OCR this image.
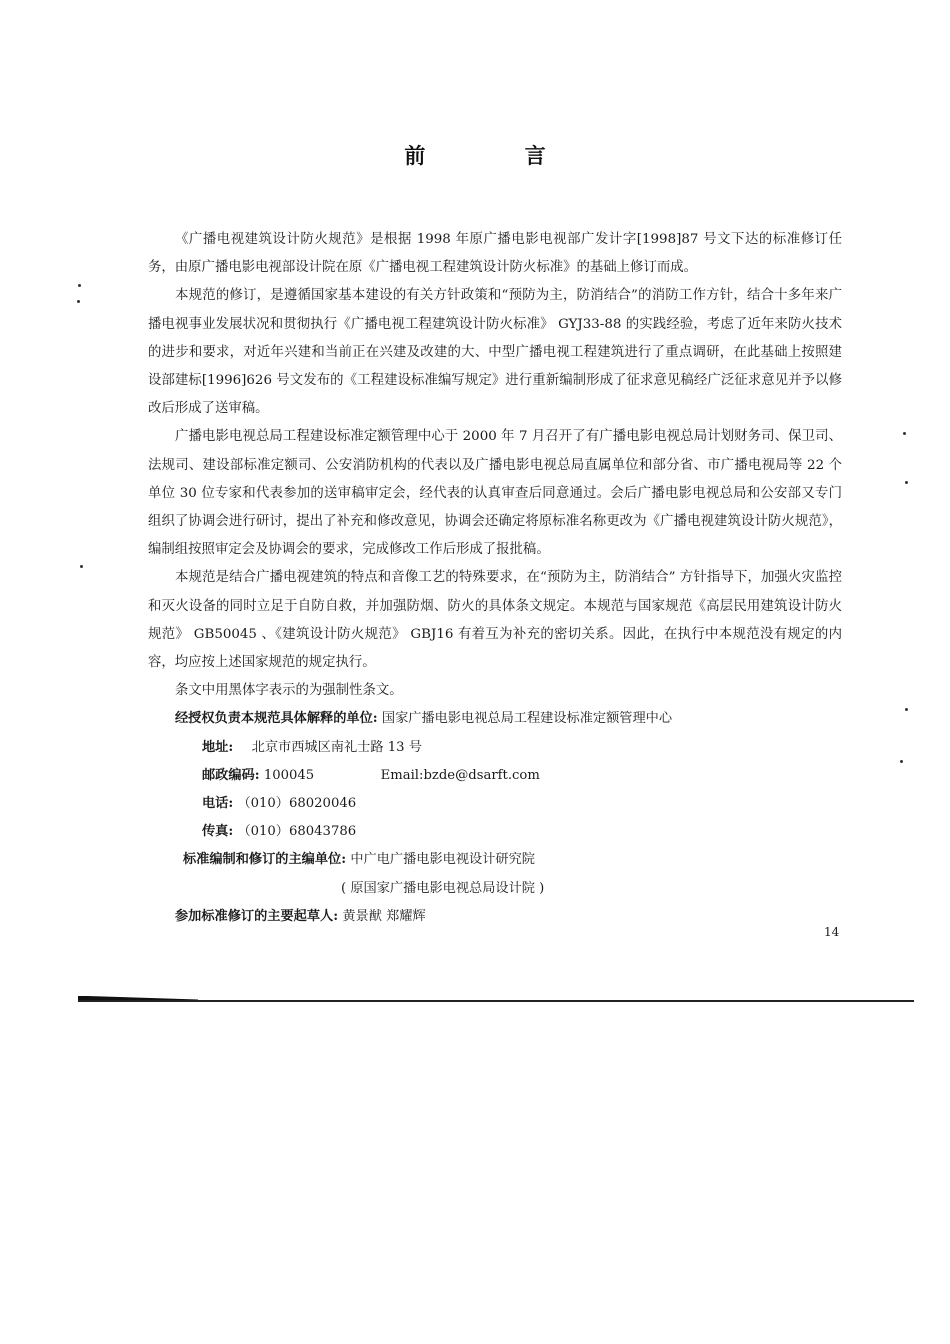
前 言

《广播电视建筑设计防火规范》是根据 1998 年原广播电影电视部广发计字[1998]87 号文下达的标准修订任务，由原广播电影电视部设计院在原《广播电视工程建筑设计防火标准》的基础上修订而成。

本规范的修订，是遵循国家基本建设的有关方针政策和“预防为主，防消结合”的消防工作方针，结合十多年来广播电视事业发展状况和贯彻执行《广播电视工程建筑设计防火标准》 GYJ33-88 的实践经验，考虑了近年来防火技术的进步和要求，对近年兴建和当前正在兴建及改建的大、中型广播电视工程建筑进行了重点调研，在此基础上按照建设部建标[1996]626 号文发布的《工程建设标准编写规定》进行重新编制形成了征求意见稿经广泛征求意见并予以修改后形成了送审稿。

广播电影电视总局工程建设标准定额管理中心于 2000 年 7 月召开了有广播电影电视总局计划财务司、保卫司、法规司、建设部标准定额司、公安消防机构的代表以及广播电影电视总局直属单位和部分省、市广播电视局等 22 个单位 30 位专家和代表参加的送审稿审定会，经代表的认真审查后同意通过。会后广播电影电视总局和公安部又专门组织了协调会进行研讨，提出了补充和修改意见，协调会还确定将原标准名称更改为《广播电视建筑设计防火规范》，编制组按照审定会及协调会的要求，完成修改工作后形成了报批稿。

本规范是结合广播电视建筑的特点和音像工艺的特殊要求，在“预防为主，防消结合” 方针指导下，加强火灾监控和灭火设备的同时立足于自防自救，并加强防烟、防火的具体条文规定。本规范与国家规范《高层民用建筑设计防火规范》 GB50045 、《建筑设计防火规范》 GBJ16 有着互为补充的密切关系。因此，在执行中本规范没有规定的内容，均应按上述国家规范的规定执行。

条文中用黑体字表示的为强制性条文。

经授权负责本规范具体解释的单位: 国家广播电影电视总局工程建设标准定额管理中心

地址: 北京市西城区南礼士路 13 号

邮政编码: 100045	Email:bzde@dsarft.com

电话: （010）68020046

传真: （010）68043786

标准编制和修订的主编单位: 中广电广播电影电视设计研究院

( 原国家广播电影电视总局设计院 )

参加标准修订的主要起草人: 黄景猷 郑耀辉

14
